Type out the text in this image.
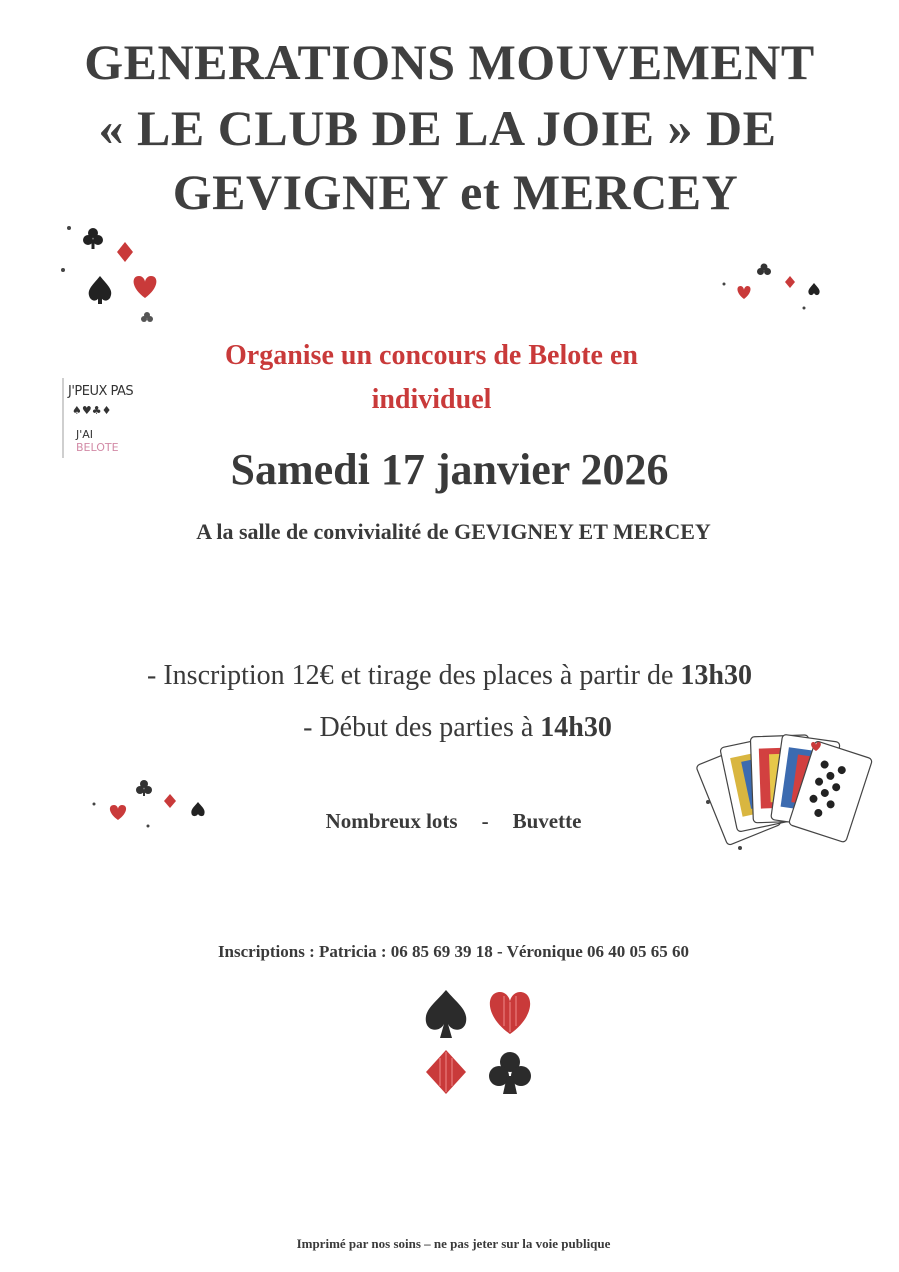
GENERATIONS MOUVEMENT
« LE CLUB DE LA JOIE » DE
GEVIGNEY et MERCEY
Organise un concours de Belote en
individuel
J'PEUX PAS
♠♥♣♦
J'AI BELOTE	Samedi 17 janvier 2026
A la salle de convivialité de GEVIGNEY ET MERCEY
- Inscription 12€ et tirage des places à partir de 13h30
- Début des parties à 14h30
Nombreux lots - Buvette
Inscriptions : Patricia : 06 85 69 39 18 - Véronique 06 40 05 65 60
Imprimé par nos soins – ne pas jeter sur la voie publique
